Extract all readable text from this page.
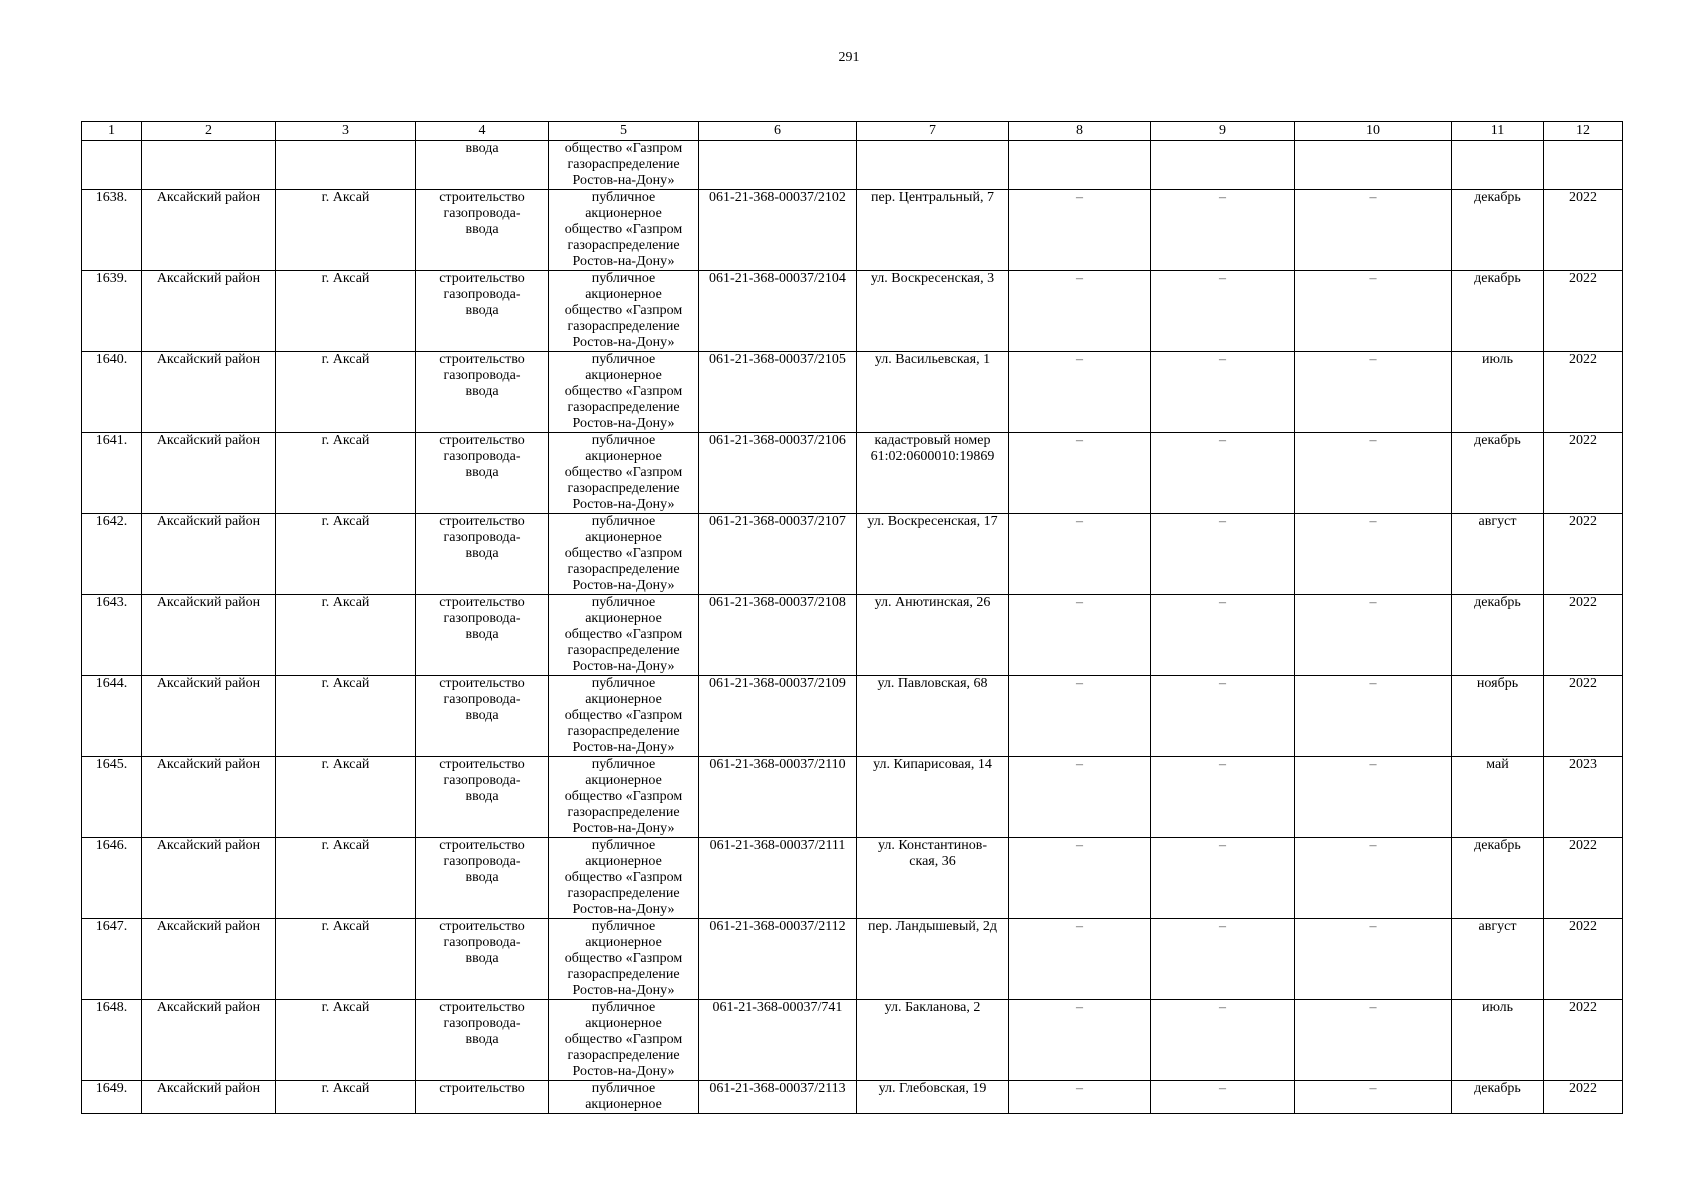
291
1	2	3	4	5	6	7	8	9	10	11	12
			ввода	общество «Газпром
газораспределение
Ростов-на-Дону»							
1638.	Аксайский район	г. Аксай	строительство
газопровода-
ввода	публичное
акционерное
общество «Газпром
газораспределение
Ростов-на-Дону»	061-21-368-00037/2102	пер. Центральный, 7	–	–	–	декабрь	2022
1639.	Аксайский район	г. Аксай	строительство
газопровода-
ввода	публичное
акционерное
общество «Газпром
газораспределение
Ростов-на-Дону»	061-21-368-00037/2104	ул. Воскресенская, 3	–	–	–	декабрь	2022
1640.	Аксайский район	г. Аксай	строительство
газопровода-
ввода	публичное
акционерное
общество «Газпром
газораспределение
Ростов-на-Дону»	061-21-368-00037/2105	ул. Васильевская, 1	–	–	–	июль	2022
1641.	Аксайский район	г. Аксай	строительство
газопровода-
ввода	публичное
акционерное
общество «Газпром
газораспределение
Ростов-на-Дону»	061-21-368-00037/2106	кадастровый номер
61:02:0600010:19869	–	–	–	декабрь	2022
1642.	Аксайский район	г. Аксай	строительство
газопровода-
ввода	публичное
акционерное
общество «Газпром
газораспределение
Ростов-на-Дону»	061-21-368-00037/2107	ул. Воскресенская, 17	–	–	–	август	2022
1643.	Аксайский район	г. Аксай	строительство
газопровода-
ввода	публичное
акционерное
общество «Газпром
газораспределение
Ростов-на-Дону»	061-21-368-00037/2108	ул. Анютинская, 26	–	–	–	декабрь	2022
1644.	Аксайский район	г. Аксай	строительство
газопровода-
ввода	публичное
акционерное
общество «Газпром
газораспределение
Ростов-на-Дону»	061-21-368-00037/2109	ул. Павловская, 68	–	–	–	ноябрь	2022
1645.	Аксайский район	г. Аксай	строительство
газопровода-
ввода	публичное
акционерное
общество «Газпром
газораспределение
Ростов-на-Дону»	061-21-368-00037/2110	ул. Кипарисовая, 14	–	–	–	май	2023
1646.	Аксайский район	г. Аксай	строительство
газопровода-
ввода	публичное
акционерное
общество «Газпром
газораспределение
Ростов-на-Дону»	061-21-368-00037/2111	ул. Константинов-
ская, 36	–	–	–	декабрь	2022
1647.	Аксайский район	г. Аксай	строительство
газопровода-
ввода	публичное
акционерное
общество «Газпром
газораспределение
Ростов-на-Дону»	061-21-368-00037/2112	пер. Ландышевый, 2д	–	–	–	август	2022
1648.	Аксайский район	г. Аксай	строительство
газопровода-
ввода	публичное
акционерное
общество «Газпром
газораспределение
Ростов-на-Дону»	061-21-368-00037/741	ул. Бакланова, 2	–	–	–	июль	2022
1649.	Аксайский район	г. Аксай	строительство	публичное
акционерное	061-21-368-00037/2113	ул. Глебовская, 19	–	–	–	декабрь	2022
